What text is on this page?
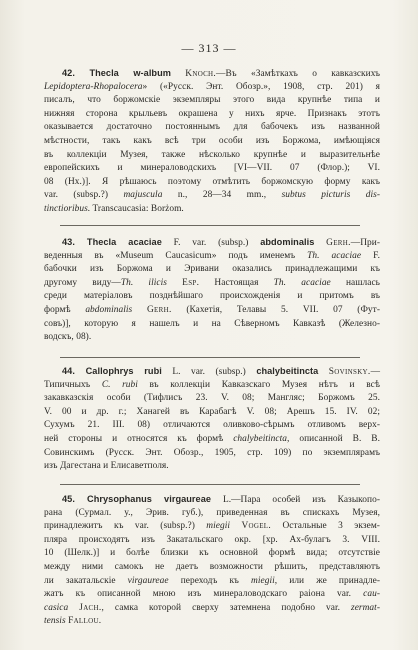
— 313 —
42. Thecla w-album Knoch.—Въ «Замѣткахъ о кавказскихъ
Lepidoptera-Rhopalocera» («Русск. Энт. Обозр.», 1908, стр. 201) я
писалъ, что боржомскіе экземпляры этого вида крупнѣе типа и
нижняя сторона крыльевъ окрашена у нихъ ярче. Признакъ этотъ
оказывается достаточно постояннымъ для бабочекъ изъ названной
мѣстности, такъ какъ всѣ три особи изъ Боржома, имѣющіяся
въ коллекціи Музея, также нѣсколько крупнѣе и выразительнѣе
европейскихъ и минераловодскихъ [VI—VII. 07 (Флор.); VI.
08 (Нх.)]. Я рѣшаюсь поэтому отмѣтить боржомскую форму какъ
var. (subsp.?) majuscula n., 28—34 mm., subtus picturis dis-
tinctioribus. Transcaucasia: Borżom.
43. Thecla acaciae F. var. (subsp.) abdominalis Gerh.—При-
веденныя въ «Museum Caucasicum» подъ именемъ Th. acaciae F.
бабочки изъ Боржома и Эривани оказались принадлежащими къ
другому виду—Th. ilicis Esp. Настоящая Th. acaciae нашлась
среди матеріаловъ позднѣйшаго происхожденія и притомъ въ
формѣ abdominalis Gerh. (Кахетія, Телавы 5. VII. 07 (Фут-
совъ)], которую я нашелъ и на Сѣверномъ Кавказѣ (Железно-
водскъ, 08).
44. Callophrys rubi L. var. (subsp.) chalybeitincta Sovinsky.—
Типичныхъ C. rubi въ коллекціи Кавказскаго Музея нѣтъ и всѣ
закавказскія особи (Тифлисъ 23. V. 08; Мангляс; Боржомъ 25.
V. 00 и др. г.; Ханагей въ Карабагѣ V. 08; Арешъ 15. IV. 02;
Сухумъ 21. III. 08) отличаются оливково-сѣрымъ отливомъ верх-
ней стороны и относятся къ формѣ chalybeitincta, описанной В. В.
Совинскимъ (Русск. Энт. Обозр., 1905, стр. 109) по экземплярамъ
изъ Дагестана и Елисаветполя.
45. Chrysophanus virgaureae L.—Пара особей изъ Казыкопо-
рана (Сурмал. у., Эрив. губ.), приведенная въ спискахъ Музея,
принадлежитъ къ var. (subsp.?) miegii Vogel. Остальные 3 экзем-
пляра происходятъ изъ Закатальскаго окр. [хр. Ах-булагъ 3. VIII.
10 (Шелк.)] и болѣе близки къ основной формѣ вида; отсутствіе
между ними самокъ не даетъ возможности рѣшить, представляютъ
ли закатальскіе virgaureae переходъ къ miegii, или же принадле-
жатъ къ описанной мною изъ минераловодскаго раіона var. cau-
casica Jach., самка которой сверху затемнена подобно var. zermat-
tensis Fallou.
